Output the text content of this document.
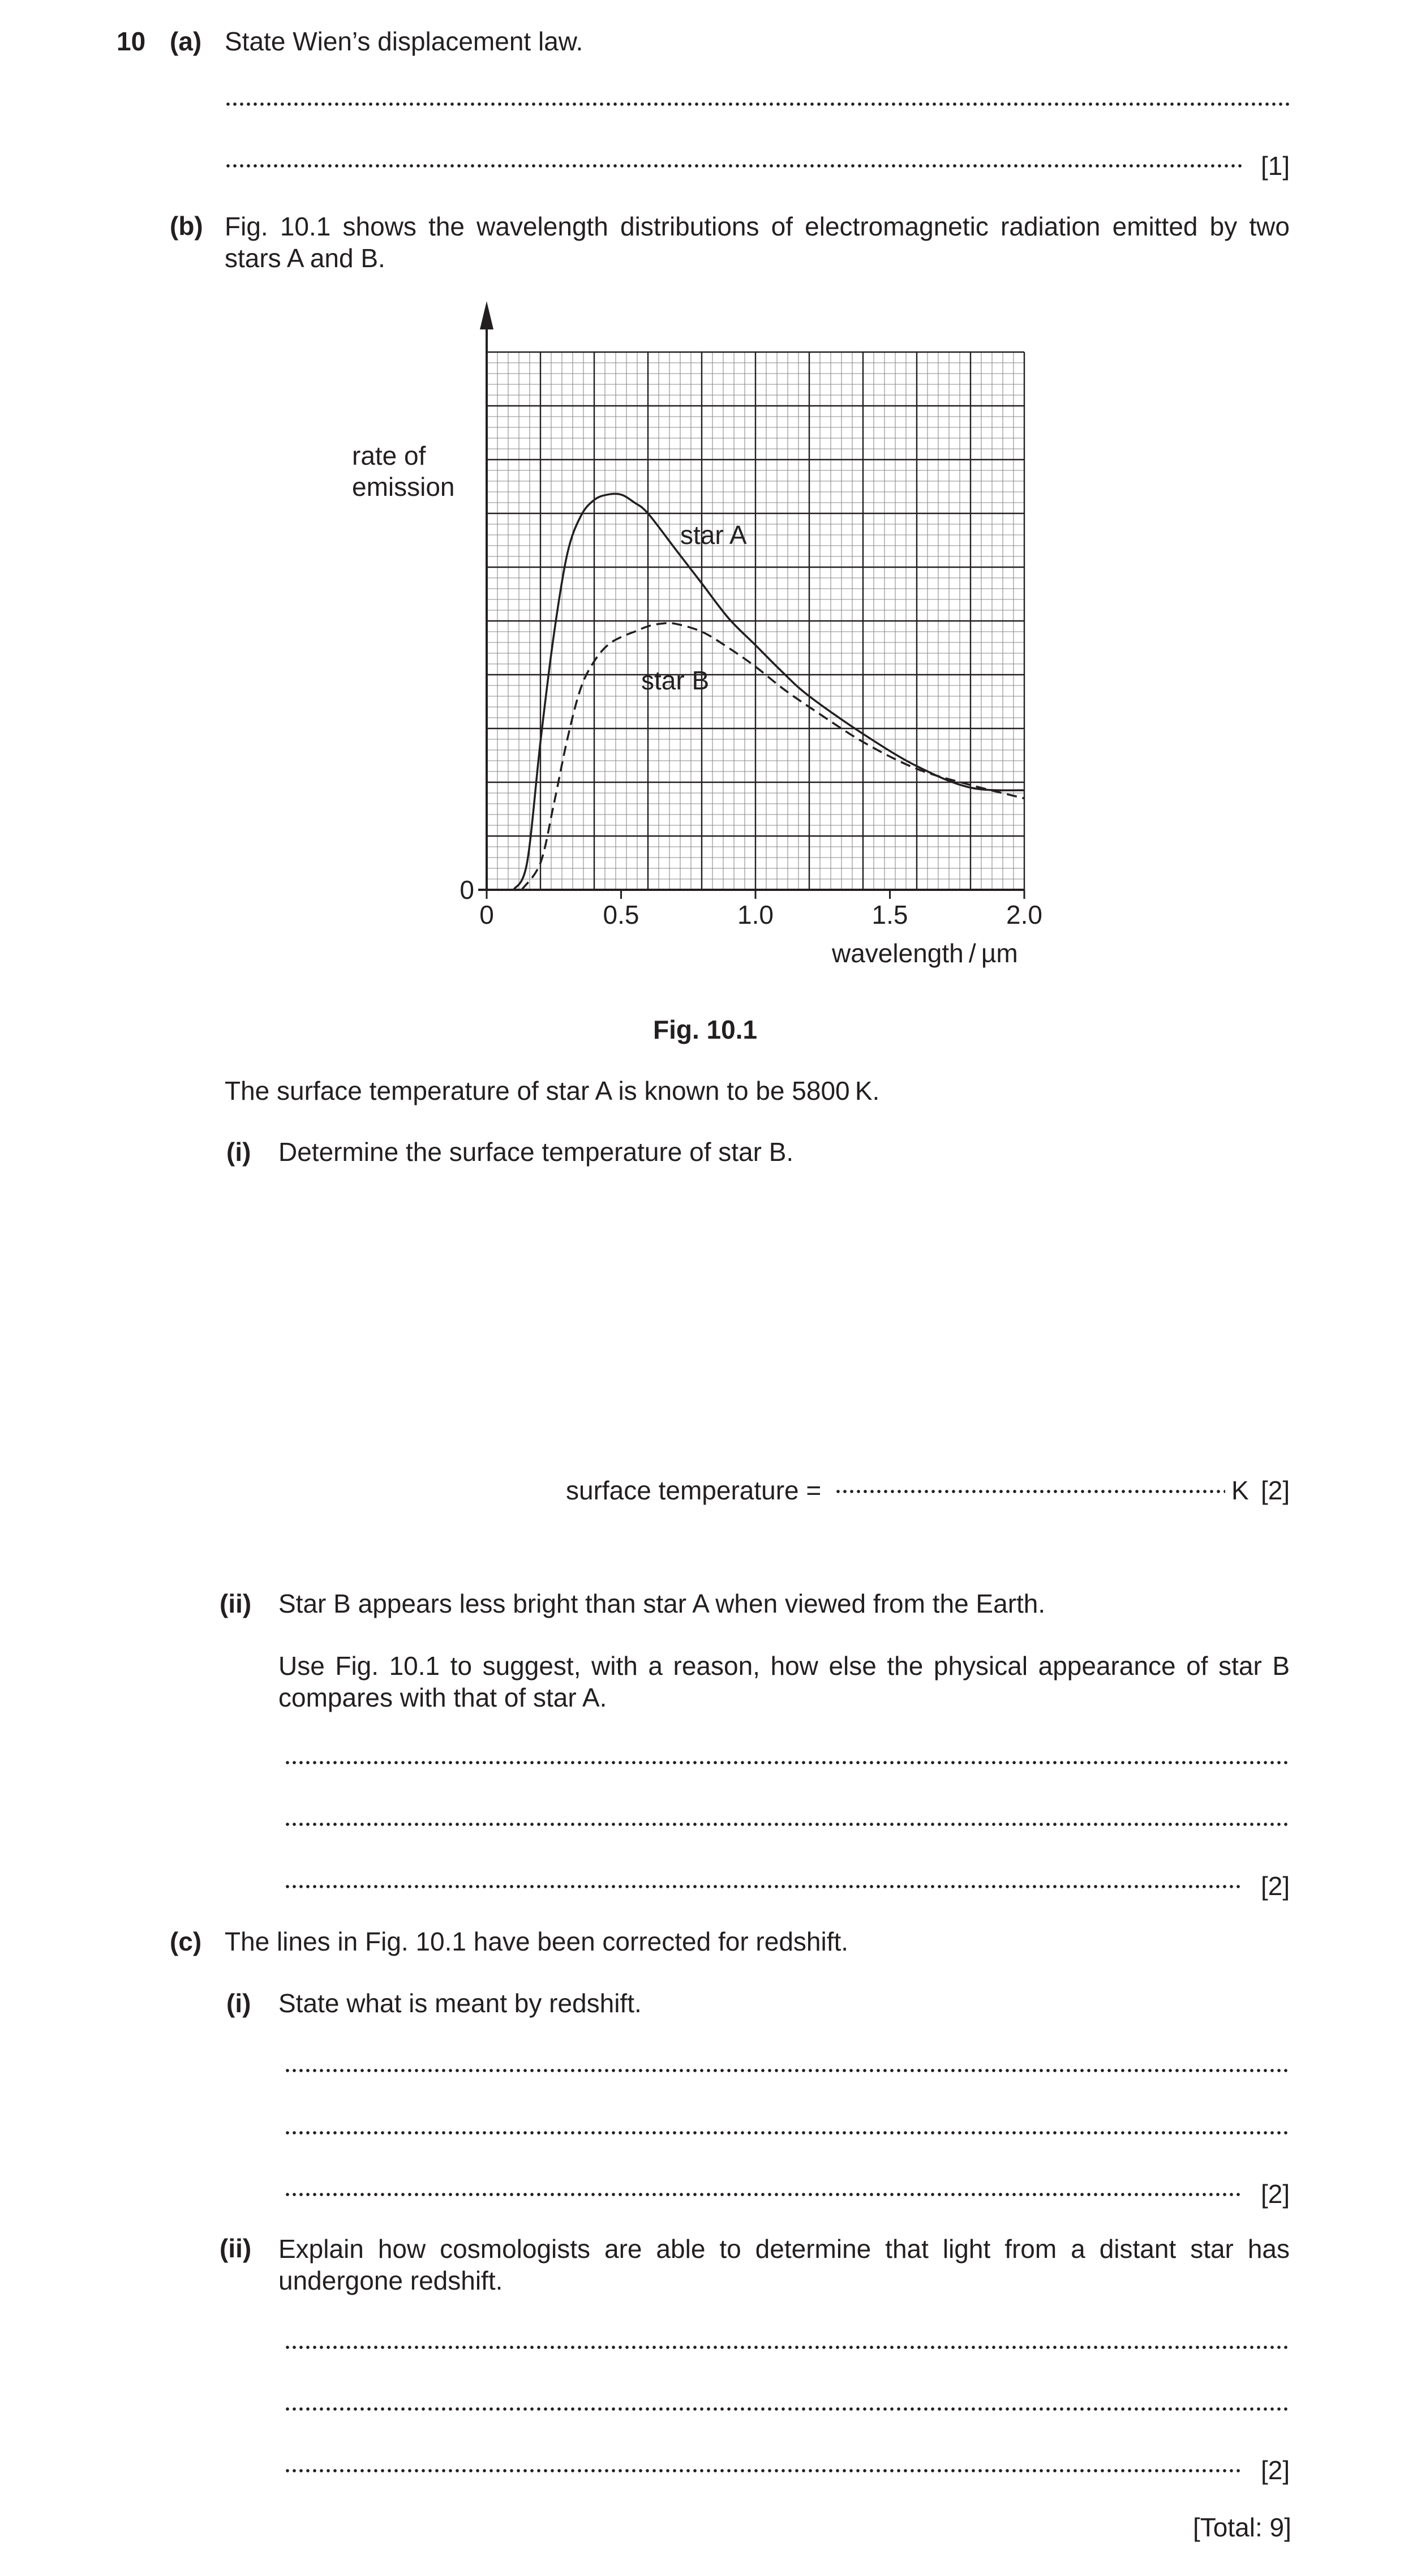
10 (a) State Wien’s displacement law.
[1]
(b) Fig. 10.1 shows the wavelength distributions of electromagnetic radiation emitted by two stars A and B.
0	0.5	1.0	1.5	2.0
0
rate of
emission
wavelength / µm
star A
star B
Fig. 10.1
The surface temperature of star A is known to be 5800 K.
(i) Determine the surface temperature of star B.
surface temperature =	K [2]
(ii) Star B appears less bright than star A when viewed from the Earth.
Use Fig. 10.1 to suggest, with a reason, how else the physical appearance of star B compares with that of star A.
[2]
(c) The lines in Fig. 10.1 have been corrected for redshift.
(i) State what is meant by redshift.
[2]
(ii) Explain how cosmologists are able to determine that light from a distant star has undergone redshift.
[2]
[Total: 9]
